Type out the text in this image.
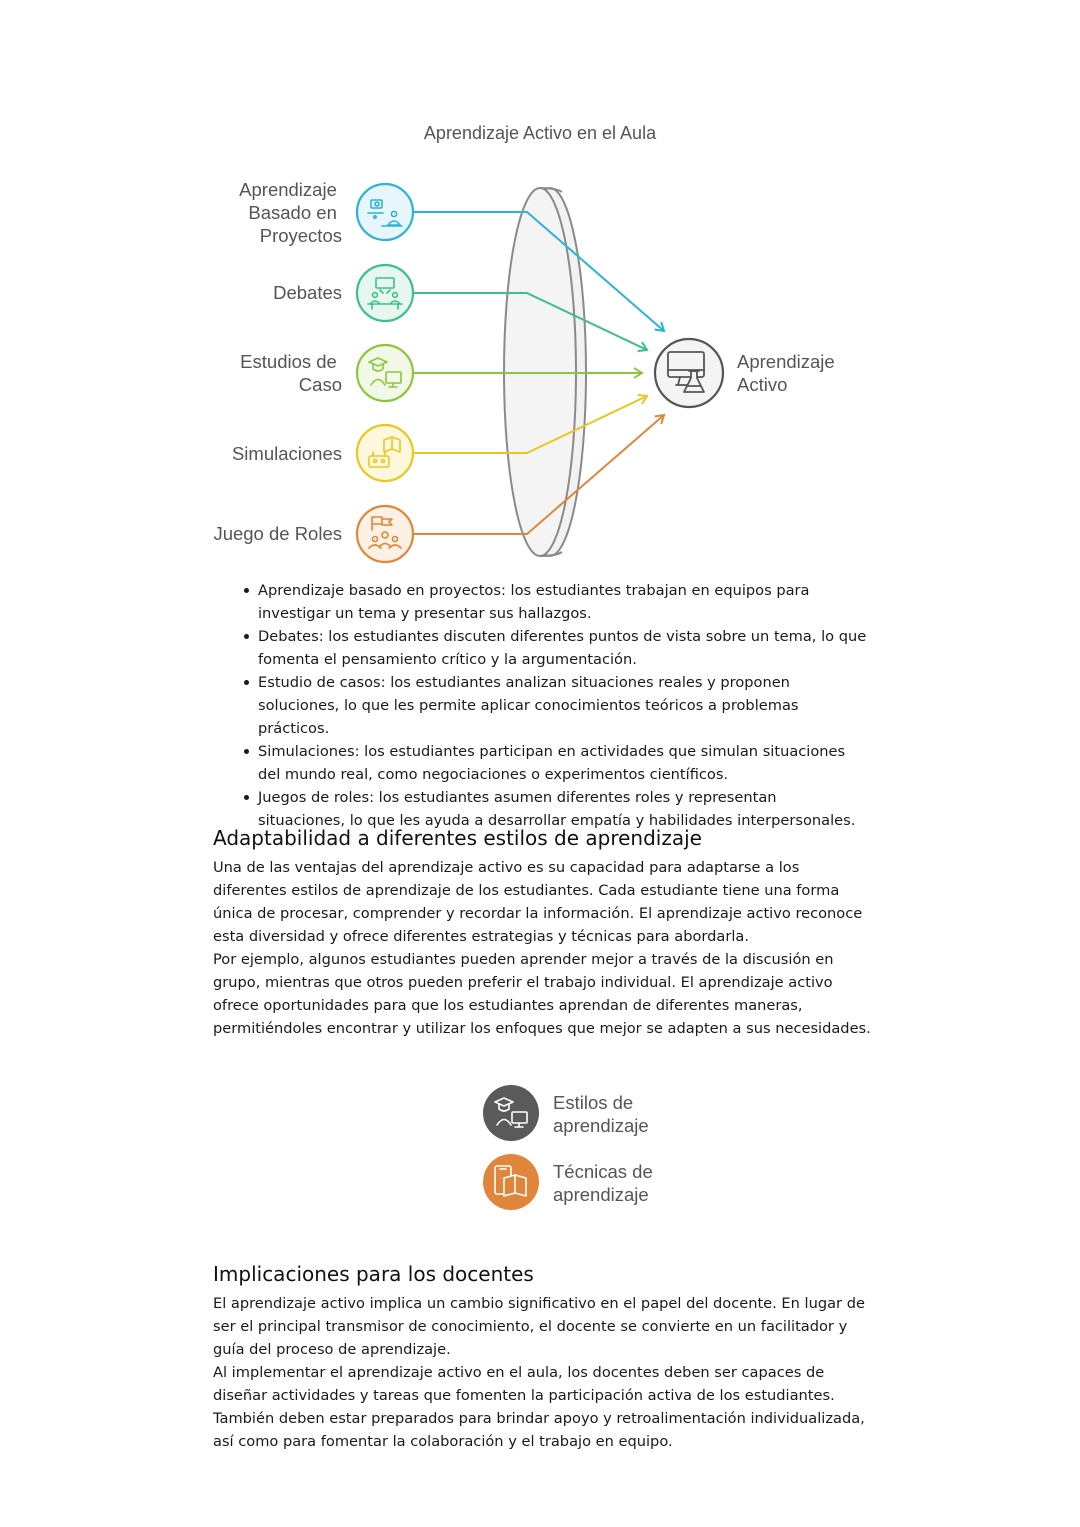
Aprendizaje Activo en el Aula
Aprendizaje Basado en Proyectos
Debates
Estudios de Caso
Simulaciones
Juego de Roles
Aprendizaje Activo
Aprendizaje basado en proyectos: los estudiantes trabajan en equipos para investigar un tema y presentar sus hallazgos.
Debates: los estudiantes discuten diferentes puntos de vista sobre un tema, lo que fomenta el pensamiento crítico y la argumentación.
Estudio de casos: los estudiantes analizan situaciones reales y proponen soluciones, lo que les permite aplicar conocimientos teóricos a problemas prácticos.
Simulaciones: los estudiantes participan en actividades que simulan situaciones del mundo real, como negociaciones o experimentos científicos.
Juegos de roles: los estudiantes asumen diferentes roles y representan situaciones, lo que les ayuda a desarrollar empatía y habilidades interpersonales.
Adaptabilidad a diferentes estilos de aprendizaje

Una de las ventajas del aprendizaje activo es su capacidad para adaptarse a los diferentes estilos de aprendizaje de los estudiantes. Cada estudiante tiene una forma única de procesar, comprender y recordar la información. El aprendizaje activo reconoce esta diversidad y ofrece diferentes estrategias y técnicas para abordarla.

Por ejemplo, algunos estudiantes pueden aprender mejor a través de la discusión en grupo, mientras que otros pueden preferir el trabajo individual. El aprendizaje activo ofrece oportunidades para que los estudiantes aprendan de diferentes maneras, permitiéndoles encontrar y utilizar los enfoques que mejor se adapten a sus necesidades.

Estilos de aprendizaje
Técnicas de aprendizaje
Implicaciones para los docentes

El aprendizaje activo implica un cambio significativo en el papel del docente. En lugar de ser el principal transmisor de conocimiento, el docente se convierte en un facilitador y guía del proceso de aprendizaje.

Al implementar el aprendizaje activo en el aula, los docentes deben ser capaces de diseñar actividades y tareas que fomenten la participación activa de los estudiantes. También deben estar preparados para brindar apoyo y retroalimentación individualizada, así como para fomentar la colaboración y el trabajo en equipo.
